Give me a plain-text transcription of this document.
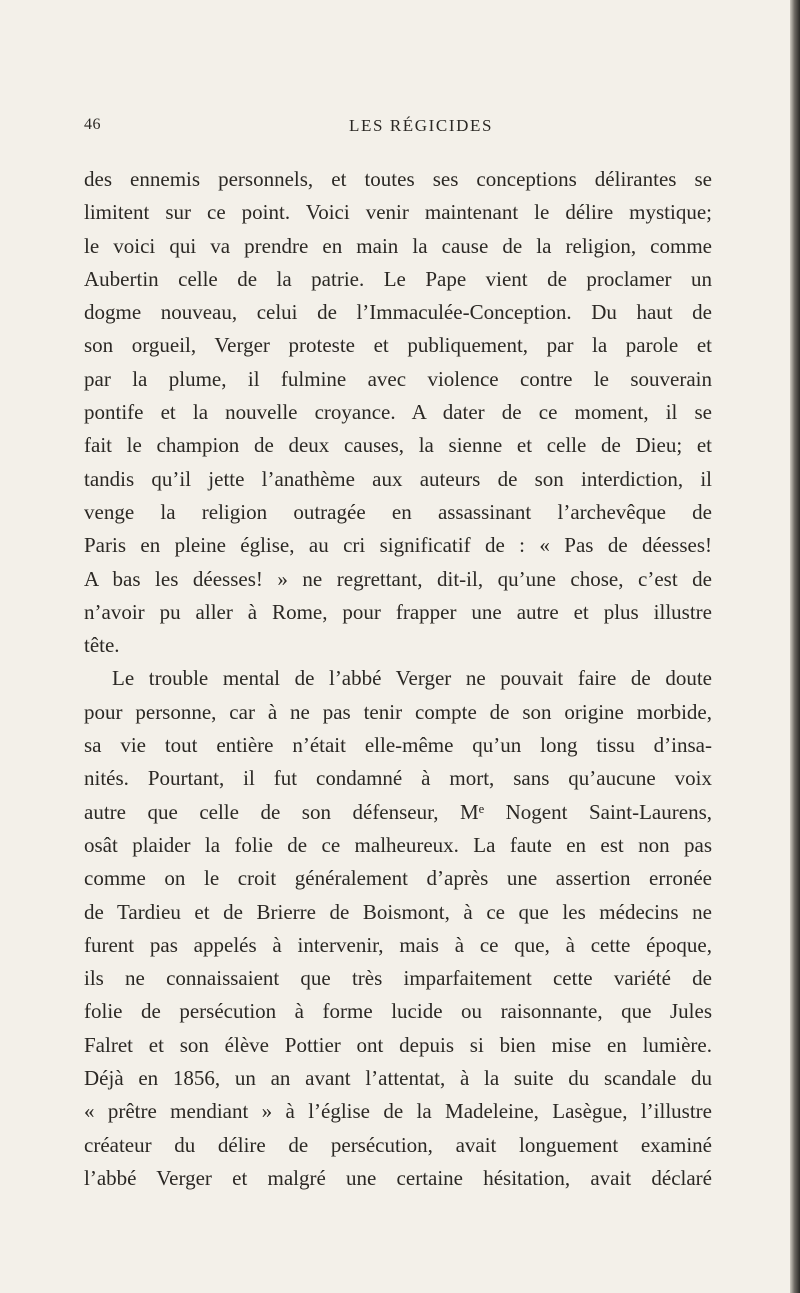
46	LES RÉGICIDES
des ennemis personnels, et toutes ses conceptions délirantes se
limitent sur ce point. Voici venir maintenant le délire mystique;
le voici qui va prendre en main la cause de la religion, comme
Aubertin celle de la patrie. Le Pape vient de proclamer un
dogme nouveau, celui de l’Immaculée-Conception. Du haut de
son orgueil, Verger proteste et publiquement, par la parole et
par la plume, il fulmine avec violence contre le souverain
pontife et la nouvelle croyance. A dater de ce moment, il se
fait le champion de deux causes, la sienne et celle de Dieu; et
tandis qu’il jette l’anathème aux auteurs de son interdiction, il
venge la religion outragée en assassinant l’archevêque de
Paris en pleine église, au cri significatif de : « Pas de déesses!
A bas les déesses! » ne regrettant, dit-il, qu’une chose, c’est de
n’avoir pu aller à Rome, pour frapper une autre et plus illustre
tête.
Le trouble mental de l’abbé Verger ne pouvait faire de doute
pour personne, car à ne pas tenir compte de son origine morbide,
sa vie tout entière n’était elle-même qu’un long tissu d’insa-
nités. Pourtant, il fut condamné à mort, sans qu’aucune voix
autre que celle de son défenseur, Mᵉ Nogent Saint-Laurens,
osât plaider la folie de ce malheureux. La faute en est non pas
comme on le croit généralement d’après une assertion erronée
de Tardieu et de Brierre de Boismont, à ce que les médecins ne
furent pas appelés à intervenir, mais à ce que, à cette époque,
ils ne connaissaient que très imparfaitement cette variété de
folie de persécution à forme lucide ou raisonnante, que Jules
Falret et son élève Pottier ont depuis si bien mise en lumière.
Déjà en 1856, un an avant l’attentat, à la suite du scandale du
« prêtre mendiant » à l’église de la Madeleine, Lasègue, l’illustre
créateur du délire de persécution, avait longuement examiné
l’abbé Verger et malgré une certaine hésitation, avait déclaré
